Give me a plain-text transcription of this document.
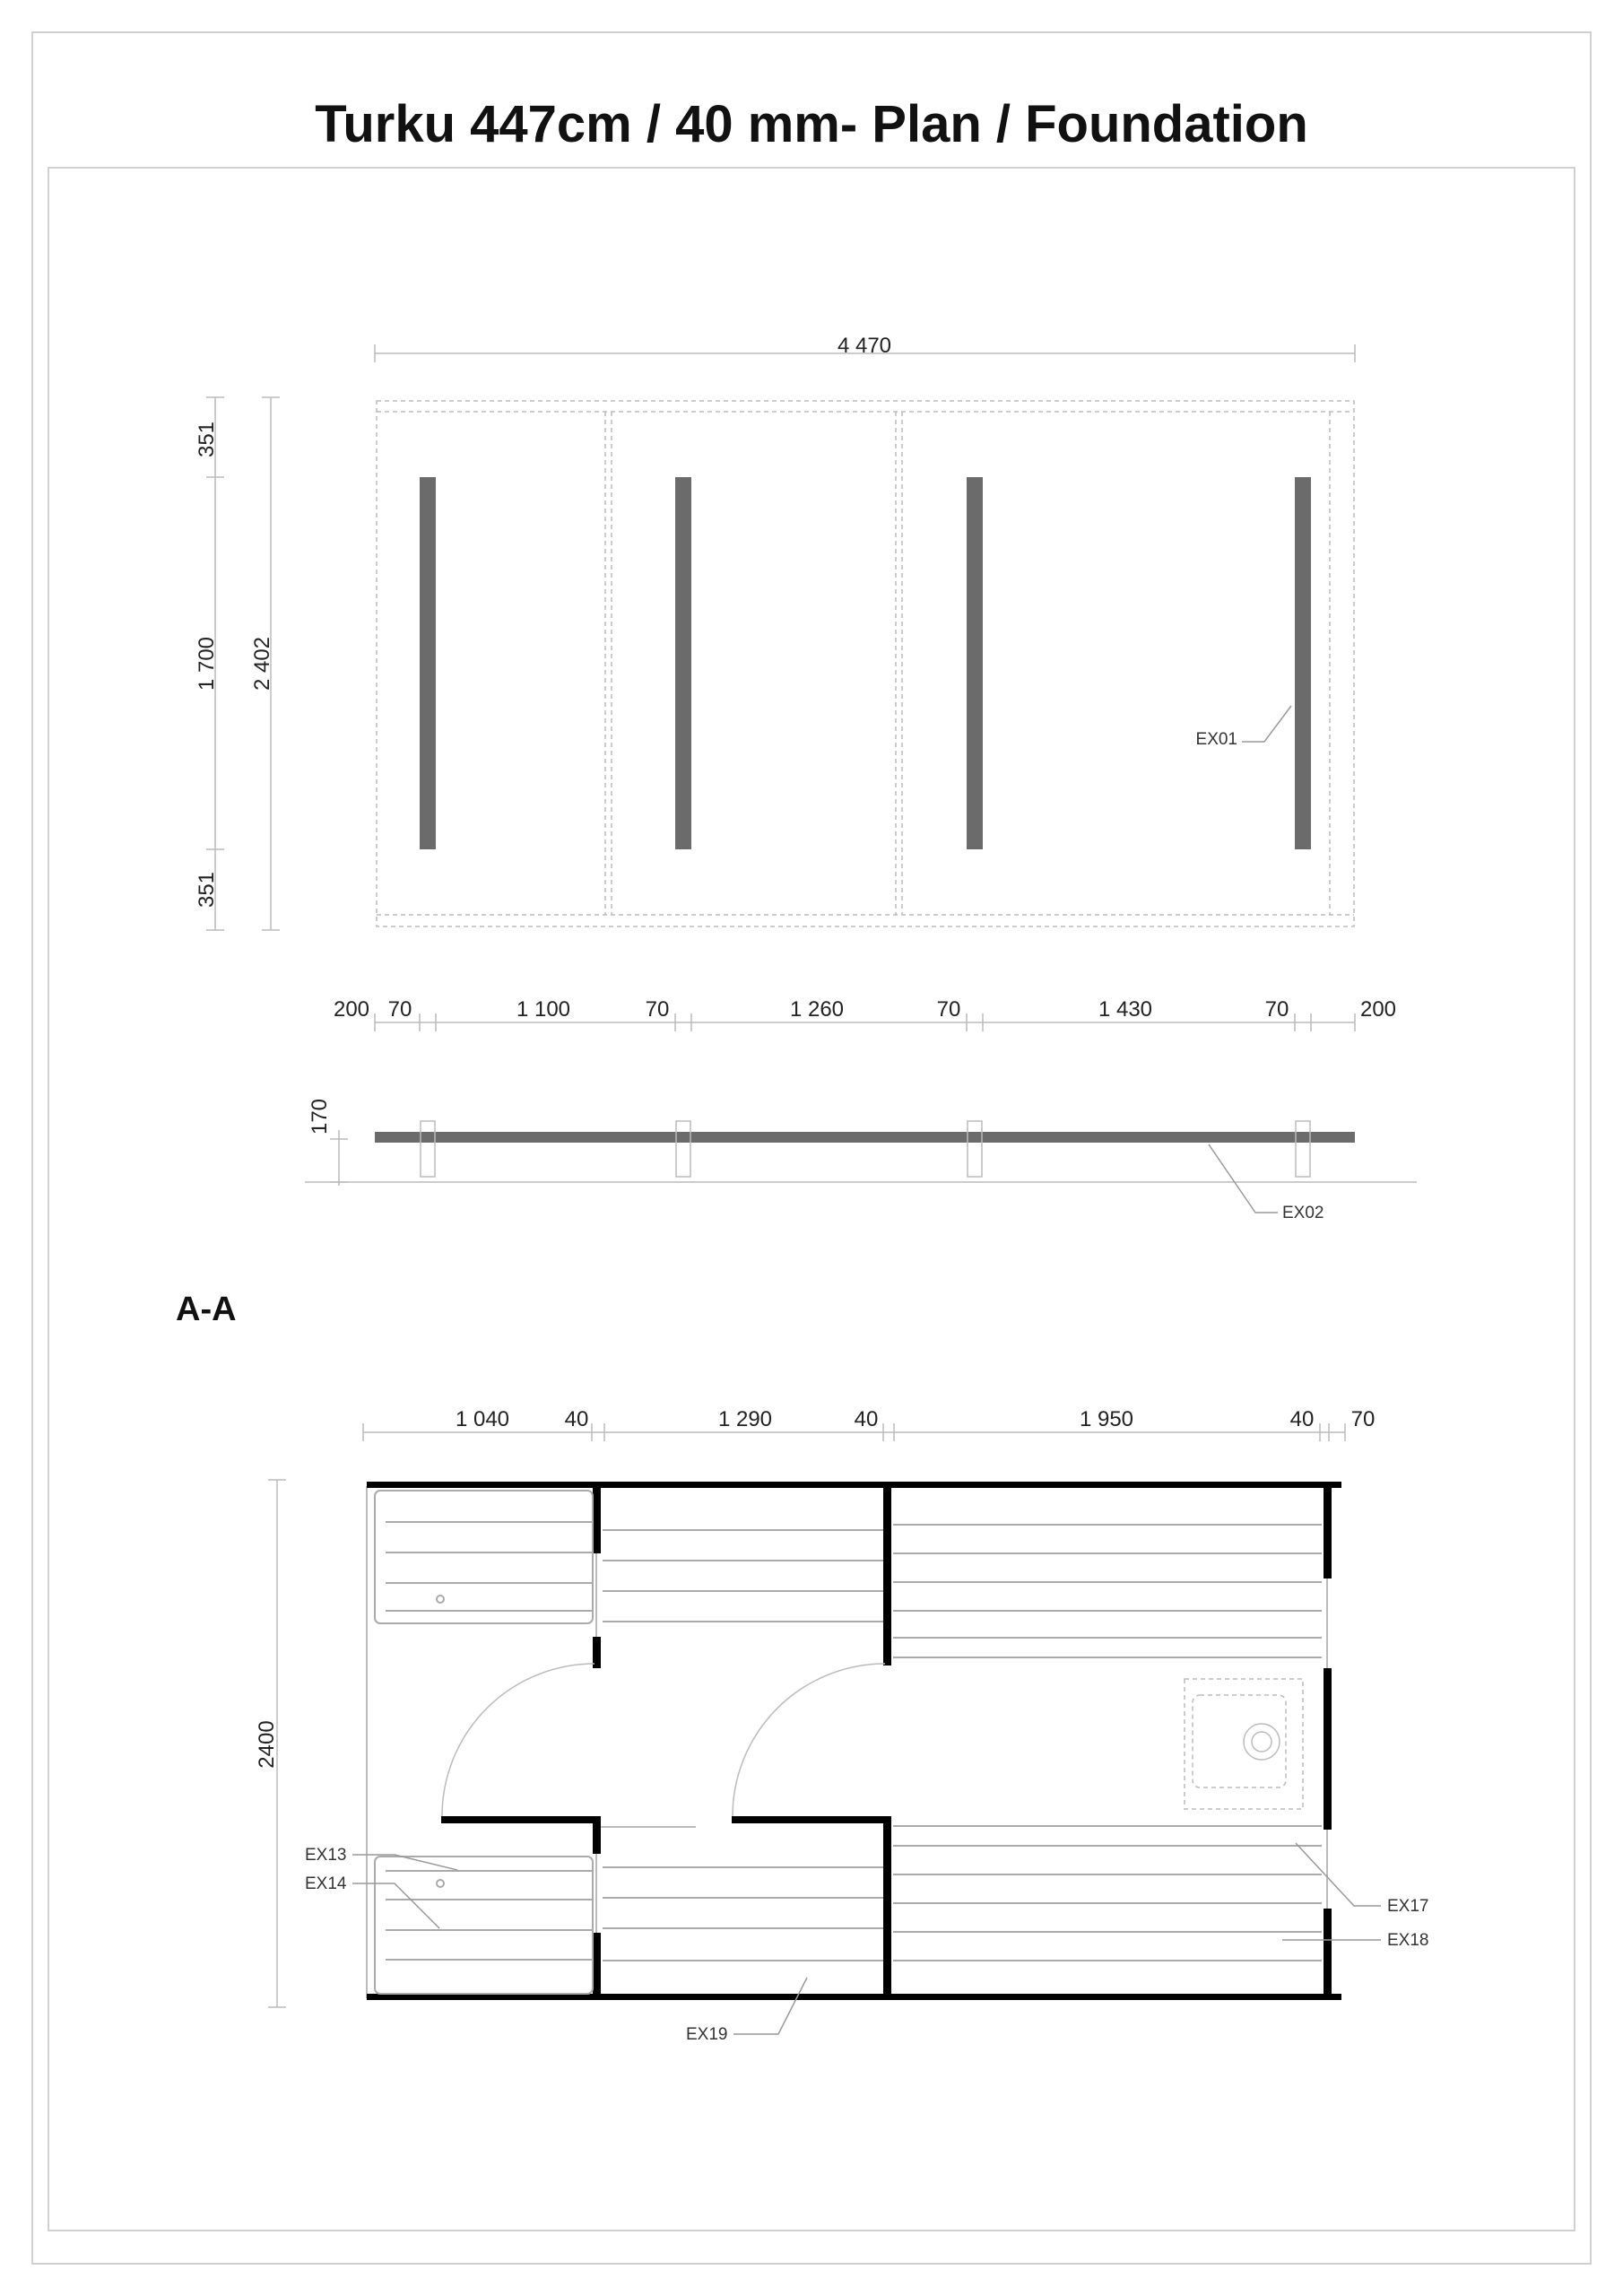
Turku 447cm / 40 mm- Plan / Foundation
4 470
EX01
351
1 700
351
2 402
200 70	1 100	70	1 260	70	1 430	70	200
170
EX02
A-A
1 040	40	1 290	40	1 950	40 70
2400
EX13
EX14
EX17
EX18
EX19
